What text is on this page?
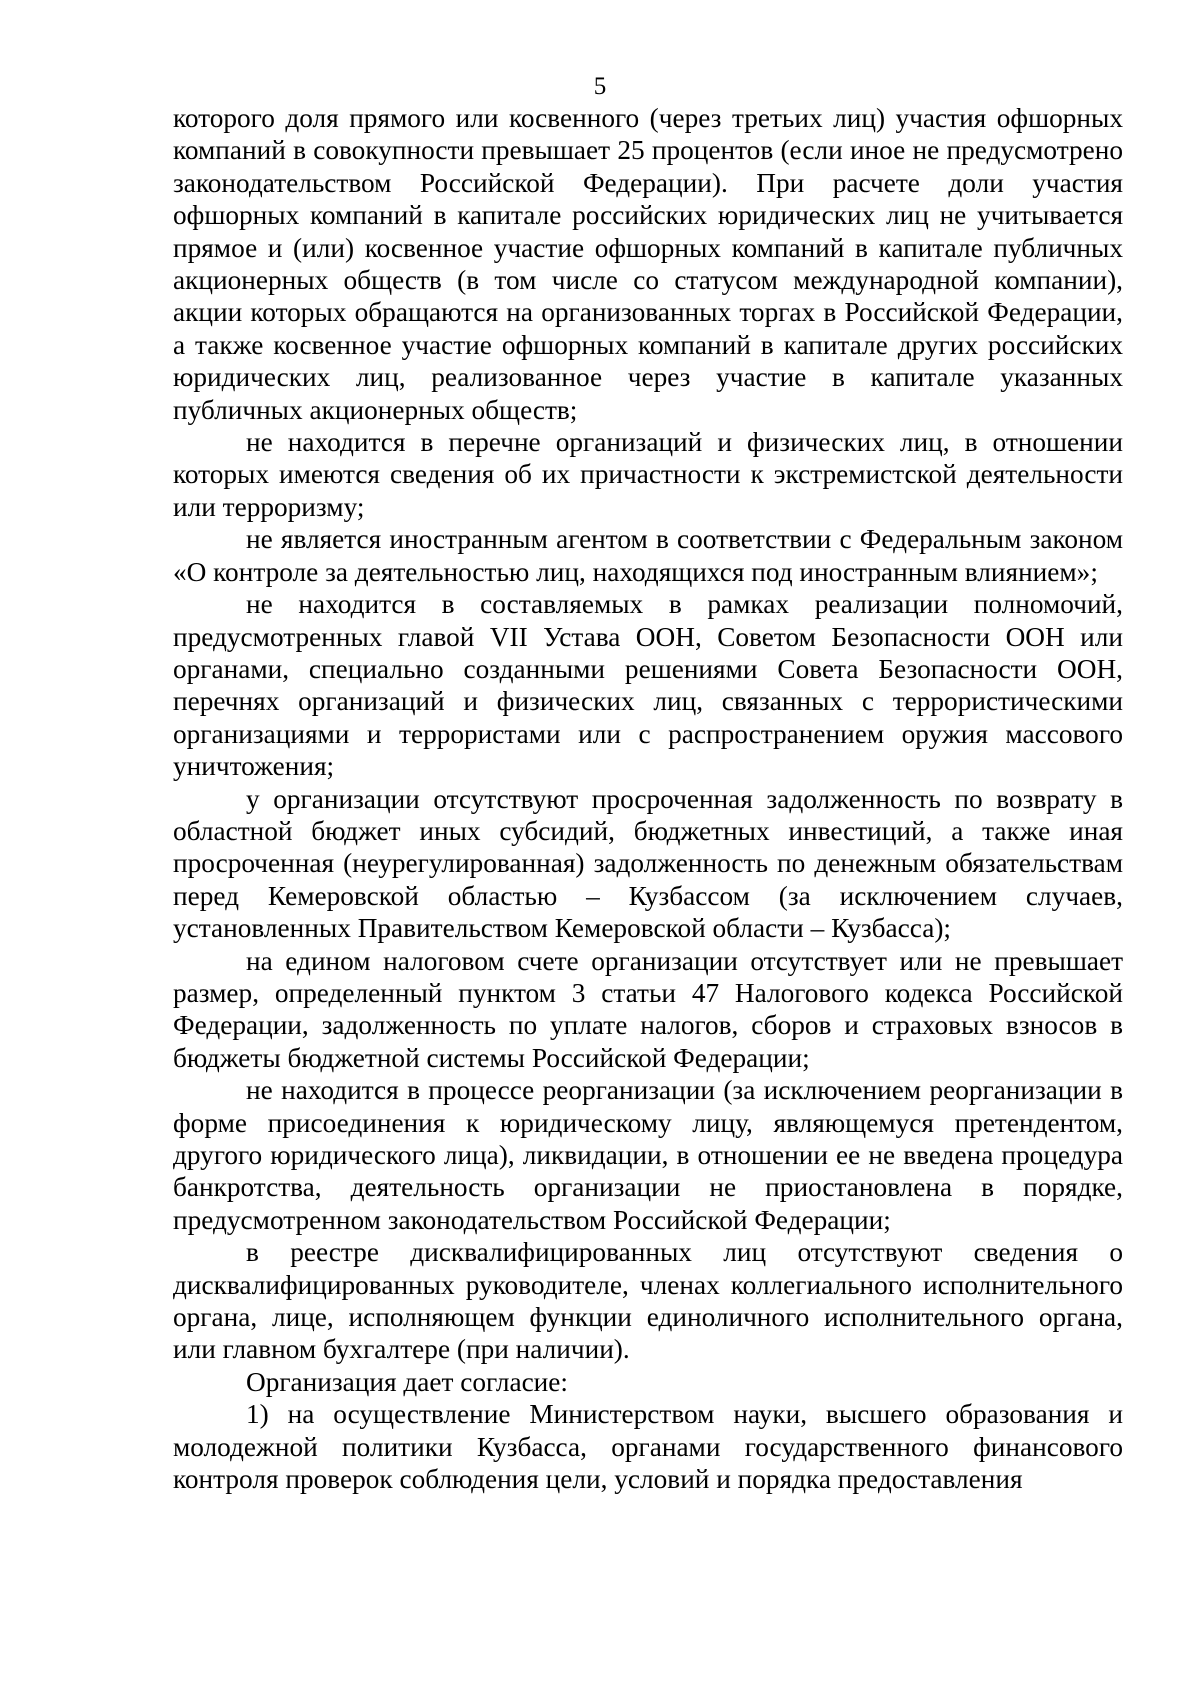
5

которого доля прямого или косвенного (через третьих лиц) участия офшорных компаний в совокупности превышает 25 процентов (если иное не предусмотрено законодательством Российской Федерации). При расчете доли участия офшорных компаний в капитале российских юридических лиц не учитывается прямое и (или) косвенное участие офшорных компаний в капитале публичных акционерных обществ (в том числе со статусом международной компании), акции которых обращаются на организованных торгах в Российской Федерации, а также косвенное участие офшорных компаний в капитале других российских юридических лиц, реализованное через участие в капитале указанных публичных акционерных обществ;

не находится в перечне организаций и физических лиц, в отношении которых имеются сведения об их причастности к экстремистской деятельности или терроризму;

не является иностранным агентом в соответствии с Федеральным законом «О контроле за деятельностью лиц, находящихся под иностранным влиянием»;

не находится в составляемых в рамках реализации полномочий, предусмотренных главой VII Устава ООН, Советом Безопасности ООН или органами, специально созданными решениями Совета Безопасности ООН, перечнях организаций и физических лиц, связанных с террористическими организациями и террористами или с распространением оружия массового уничтожения;

у организации отсутствуют просроченная задолженность по возврату в областной бюджет иных субсидий, бюджетных инвестиций, а также иная просроченная (неурегулированная) задолженность по денежным обязательствам перед Кемеровской областью – Кузбассом (за исключением случаев, установленных Правительством Кемеровской области – Кузбасса);

на едином налоговом счете организации отсутствует или не превышает размер, определенный пунктом 3 статьи 47 Налогового кодекса Российской Федерации, задолженность по уплате налогов, сборов и страховых взносов в бюджеты бюджетной системы Российской Федерации;

не находится в процессе реорганизации (за исключением реорганизации в форме присоединения к юридическому лицу, являющемуся претендентом, другого юридического лица), ликвидации, в отношении ее не введена процедура банкротства, деятельность организации не приостановлена в порядке, предусмотренном законодательством Российской Федерации;

в реестре дисквалифицированных лиц отсутствуют сведения о дисквалифицированных руководителе, членах коллегиального исполнительного органа, лице, исполняющем функции единоличного исполнительного органа, или главном бухгалтере (при наличии).

Организация дает согласие:

1) на осуществление Министерством науки, высшего образования и молодежной политики Кузбасса, органами государственного финансового контроля проверок соблюдения цели, условий и порядка предоставления
